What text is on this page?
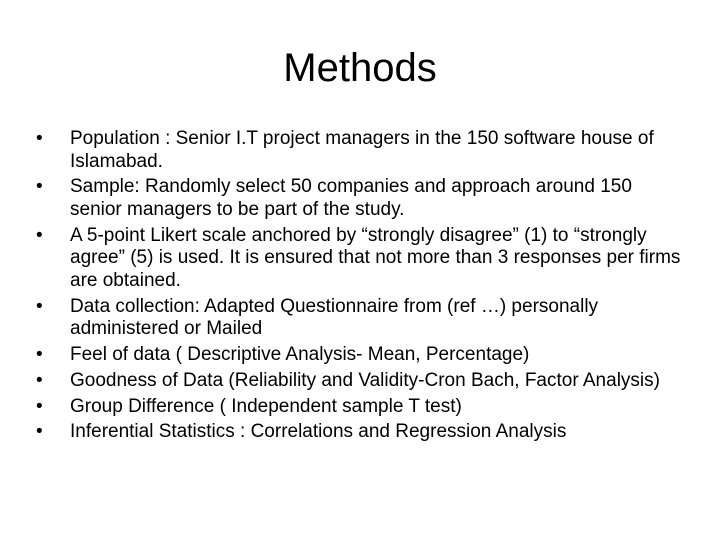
Methods
•	Population : Senior I.T project managers in the 150 software house of Islamabad.
•	Sample: Randomly select 50 companies and approach around 150 senior managers to be part of the study.
•	A 5-point Likert scale anchored by “strongly disagree” (1) to “strongly agree” (5) is used. It is ensured that not more than 3 responses per firms are obtained.
•	Data collection: Adapted Questionnaire from (ref …) personally administered or Mailed
•	Feel of data ( Descriptive Analysis- Mean, Percentage)
•	Goodness of Data (Reliability and Validity-Cron Bach, Factor Analysis)
•	Group Difference ( Independent sample T test)
•	Inferential Statistics : Correlations and Regression Analysis
